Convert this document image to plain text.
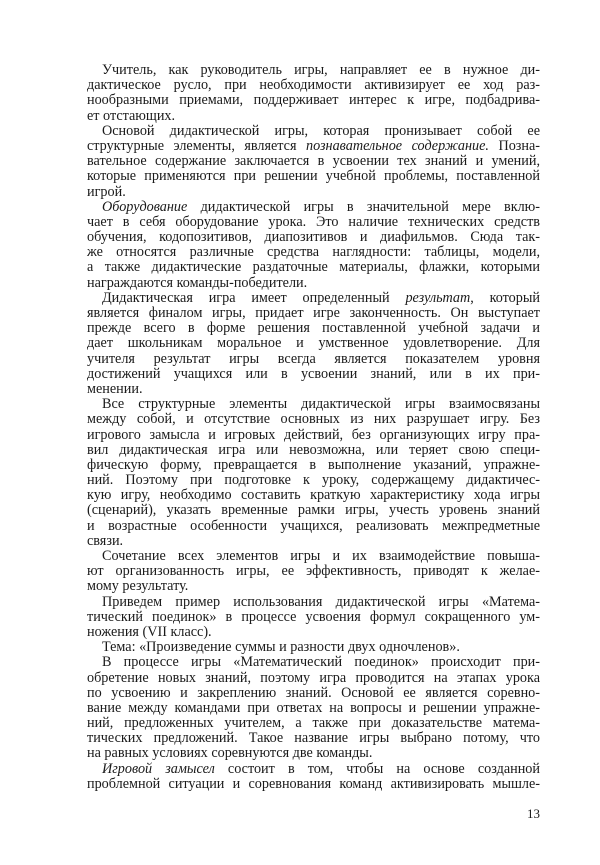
Учитель, как руководитель игры, направляет ее в нужное ди-
дактическое русло, при необходимости активизирует ее ход раз-
нообразными приемами, поддерживает интерес к игре, подбадрива-
ет отстающих.
Основой дидактической игры, которая пронизывает собой ее
структурные элементы, является познавательное содержание. Позна-
вательное содержание заключается в усвоении тех знаний и умений,
которые применяются при решении учебной проблемы, поставленной
игрой.
Оборудование дидактической игры в значительной мере вклю-
чает в себя оборудование урока. Это наличие технических средств
обучения, кодопозитивов, диапозитивов и диафильмов. Сюда так-
же относятся различные средства наглядности: таблицы, модели,
а также дидактические раздаточные материалы, флажки, которыми
награждаются команды-победители.
Дидактическая игра имеет определенный результат, который
является финалом игры, придает игре законченность. Он выступает
прежде всего в форме решения поставленной учебной задачи и
дает школьникам моральное и умственное удовлетворение. Для
учителя результат игры всегда является показателем уровня
достижений учащихся или в усвоении знаний, или в их при-
менении.
Все структурные элементы дидактической игры взаимосвязаны
между собой, и отсутствие основных из них разрушает игру. Без
игрового замысла и игровых действий, без организующих игру пра-
вил дидактическая игра или невозможна, или теряет свою специ-
фическую форму, превращается в выполнение указаний, упражне-
ний. Поэтому при подготовке к уроку, содержащему дидактичес-
кую игру, необходимо составить краткую характеристику хода игры
(сценарий), указать временные рамки игры, учесть уровень знаний
и возрастные особенности учащихся, реализовать межпредметные
связи.
Сочетание всех элементов игры и их взаимодействие повыша-
ют организованность игры, ее эффективность, приводят к желае-
мому результату.
Приведем пример использования дидактической игры «Матема-
тический поединок» в процессе усвоения формул сокращенного ум-
ножения (VII класс).
Тема: «Произведение суммы и разности двух одночленов».
В процессе игры «Математический поединок» происходит при-
обретение новых знаний, поэтому игра проводится на этапах урока
по усвоению и закреплению знаний. Основой ее является соревно-
вание между командами при ответах на вопросы и решении упражне-
ний, предложенных учителем, а также при доказательстве матема-
тических предложений. Такое название игры выбрано потому, что
на равных условиях соревнуются две команды.
Игровой замысел состоит в том, чтобы на основе созданной
проблемной ситуации и соревнования команд активизировать мышле-
13
